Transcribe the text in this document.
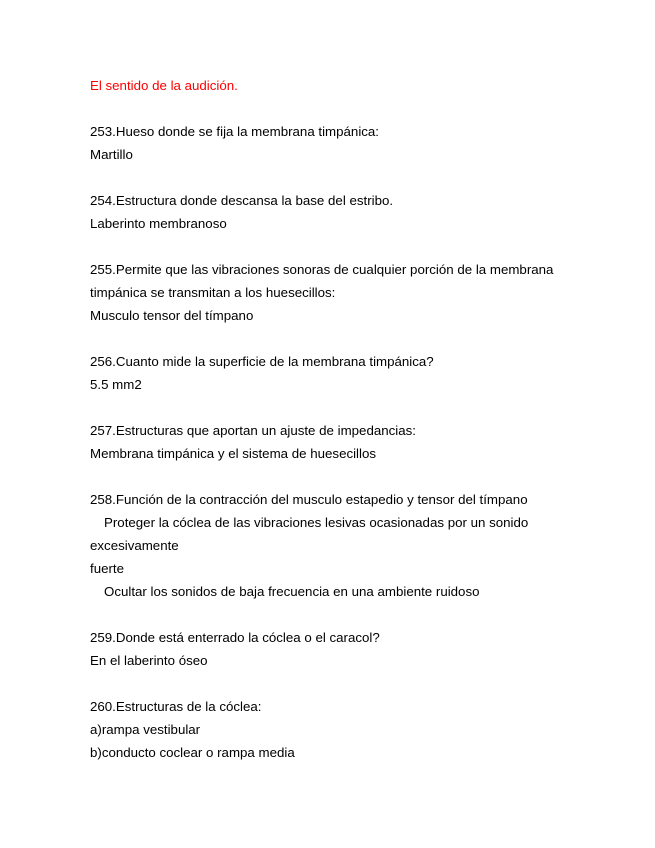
El sentido de la audición.
253.Hueso donde se fija la membrana timpánica:
Martillo
254.Estructura donde descansa la base del estribo.
Laberinto membranoso
255.Permite que las vibraciones sonoras de cualquier porción de la membrana
timpánica se transmitan a los huesecillos:
Musculo tensor del tímpano
256.Cuanto mide la superficie de la membrana timpánica?
5.5 mm2
257.Estructuras que aportan un ajuste de impedancias:
Membrana timpánica y el sistema de huesecillos
258.Función de la contracción del musculo estapedio y tensor del tímpano
Proteger la cóclea de las vibraciones lesivas ocasionadas por un sonido
excesivamente
fuerte
Ocultar los sonidos de baja frecuencia en una ambiente ruidoso
259.Donde está enterrado la cóclea o el caracol?
En el laberinto óseo
260.Estructuras de la cóclea:
a)rampa vestibular
b)conducto coclear o rampa media
